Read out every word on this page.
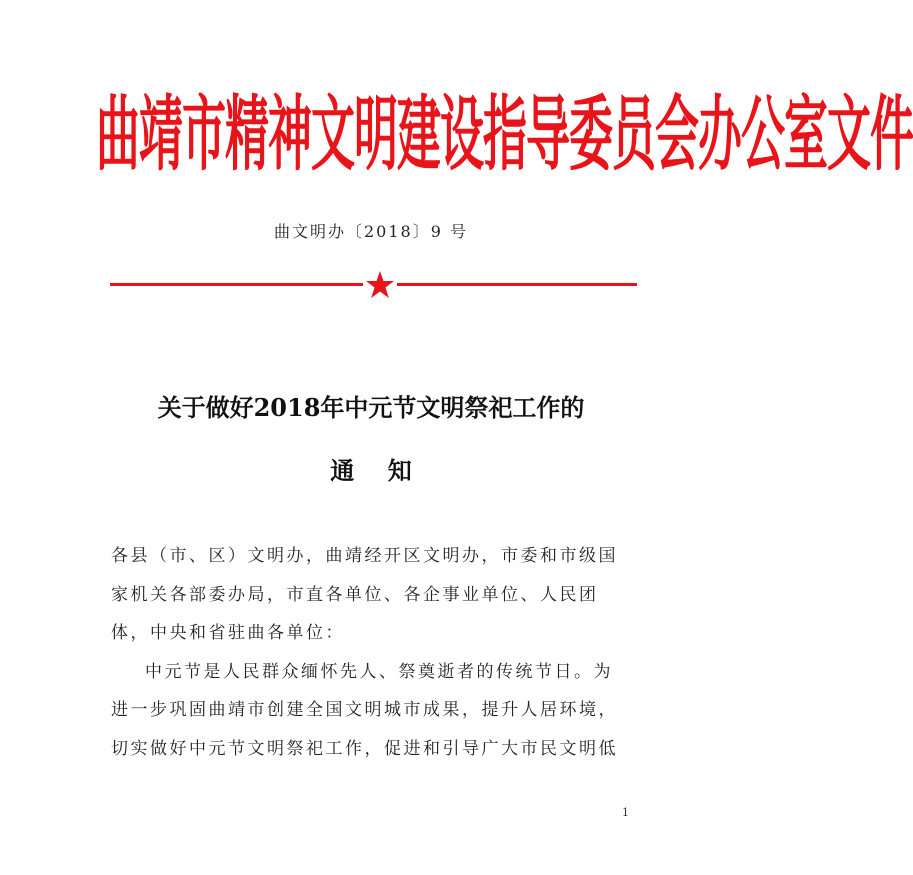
曲靖市精神文明建设指导委员会办公室文件
曲文明办〔2018〕9 号
关于做好2018年中元节文明祭祀工作的
通    知

各县（市、区）文明办，曲靖经开区文明办，市委和市级国家机关各部委办局，市直各单位、各企事业单位、人民团体，中央和省驻曲各单位：

中元节是人民群众缅怀先人、祭奠逝者的传统节日。为进一步巩固曲靖市创建全国文明城市成果，提升人居环境，切实做好中元节文明祭祀工作，促进和引导广大市民文明低

1
